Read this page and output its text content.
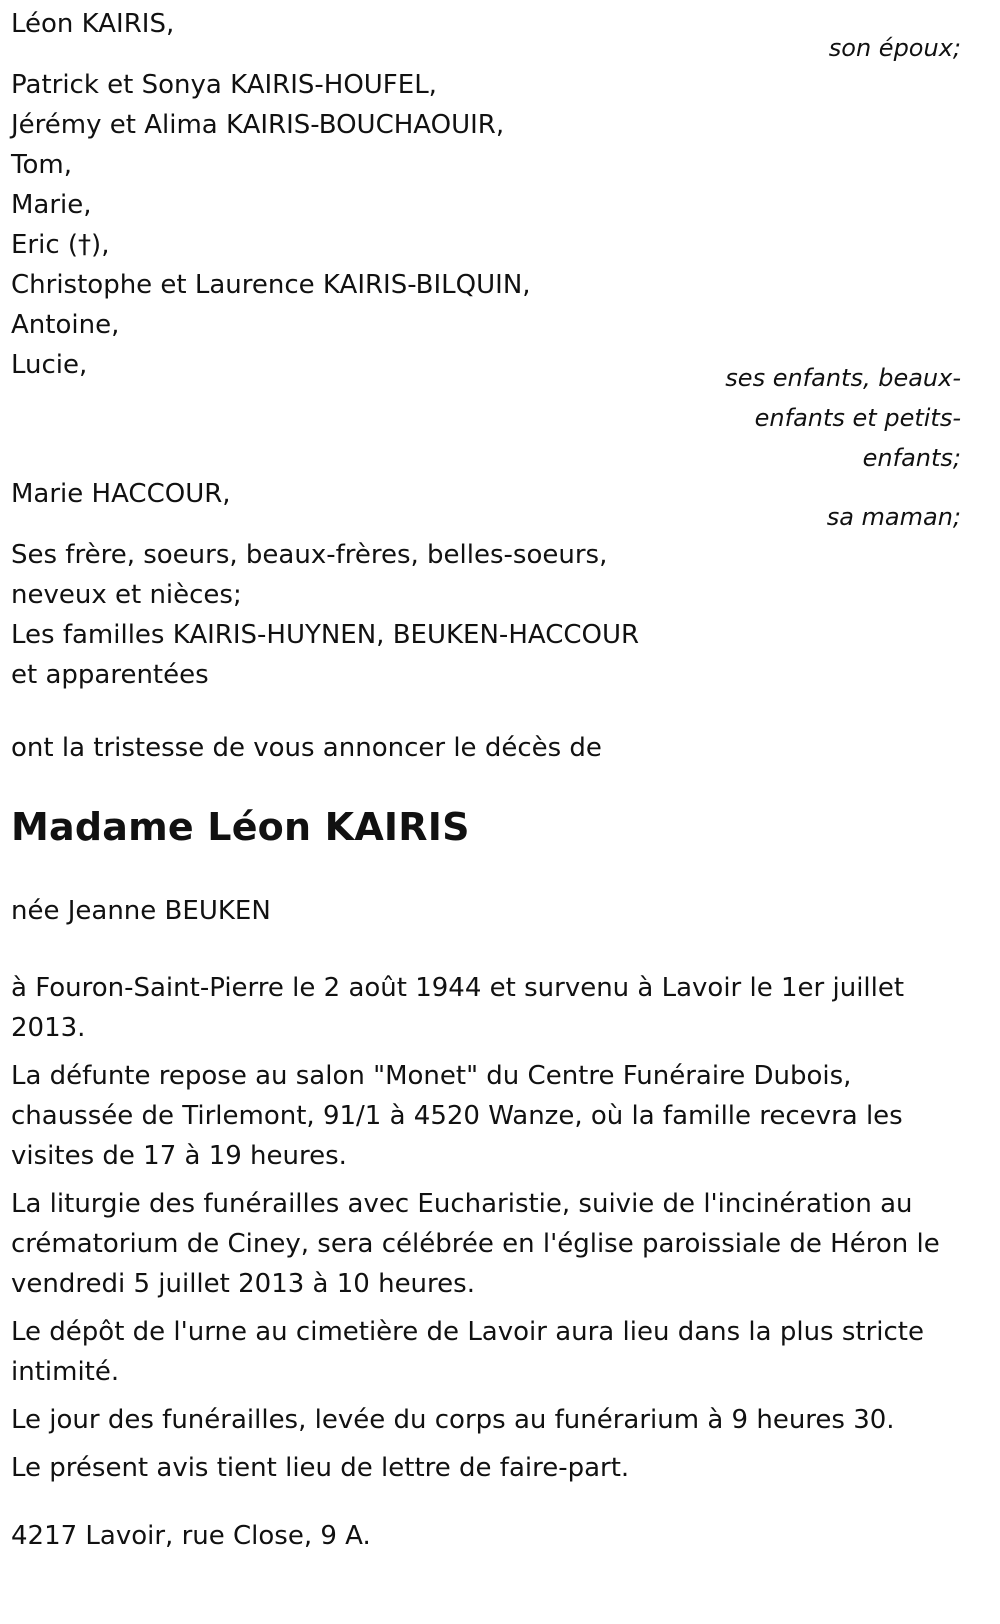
Léon KAIRIS,
son époux;
Patrick et Sonya KAIRIS-HOUFEL,
Jérémy et Alima KAIRIS-BOUCHAOUIR,
Tom,
Marie,
Eric (†),
Christophe et Laurence KAIRIS-BILQUIN,
Antoine,
Lucie,	ses enfants, beaux-
enfants et petits-
enfants;
Marie HACCOUR,
sa maman;
Ses frère, soeurs, beaux-frères, belles-soeurs,
neveux et nièces;
Les familles KAIRIS-HUYNEN, BEUKEN-HACCOUR
et apparentées
ont la tristesse de vous annoncer le décès de
Madame Léon KAIRIS
née Jeanne BEUKEN
à Fouron-Saint-Pierre le 2 août 1944 et survenu à Lavoir le 1er juillet 2013.
La défunte repose au salon "Monet" du Centre Funéraire Dubois, chaussée de Tirlemont, 91/1 à 4520 Wanze, où la famille recevra les visites de 17 à 19 heures.
La liturgie des funérailles avec Eucharistie, suivie de l'incinération au crématorium de Ciney, sera célébrée en l'église paroissiale de Héron le vendredi 5 juillet 2013 à 10 heures.
Le dépôt de l'urne au cimetière de Lavoir aura lieu dans la plus stricte intimité.
Le jour des funérailles, levée du corps au funérarium à 9 heures 30.
Le présent avis tient lieu de lettre de faire-part.
4217 Lavoir, rue Close, 9 A.
